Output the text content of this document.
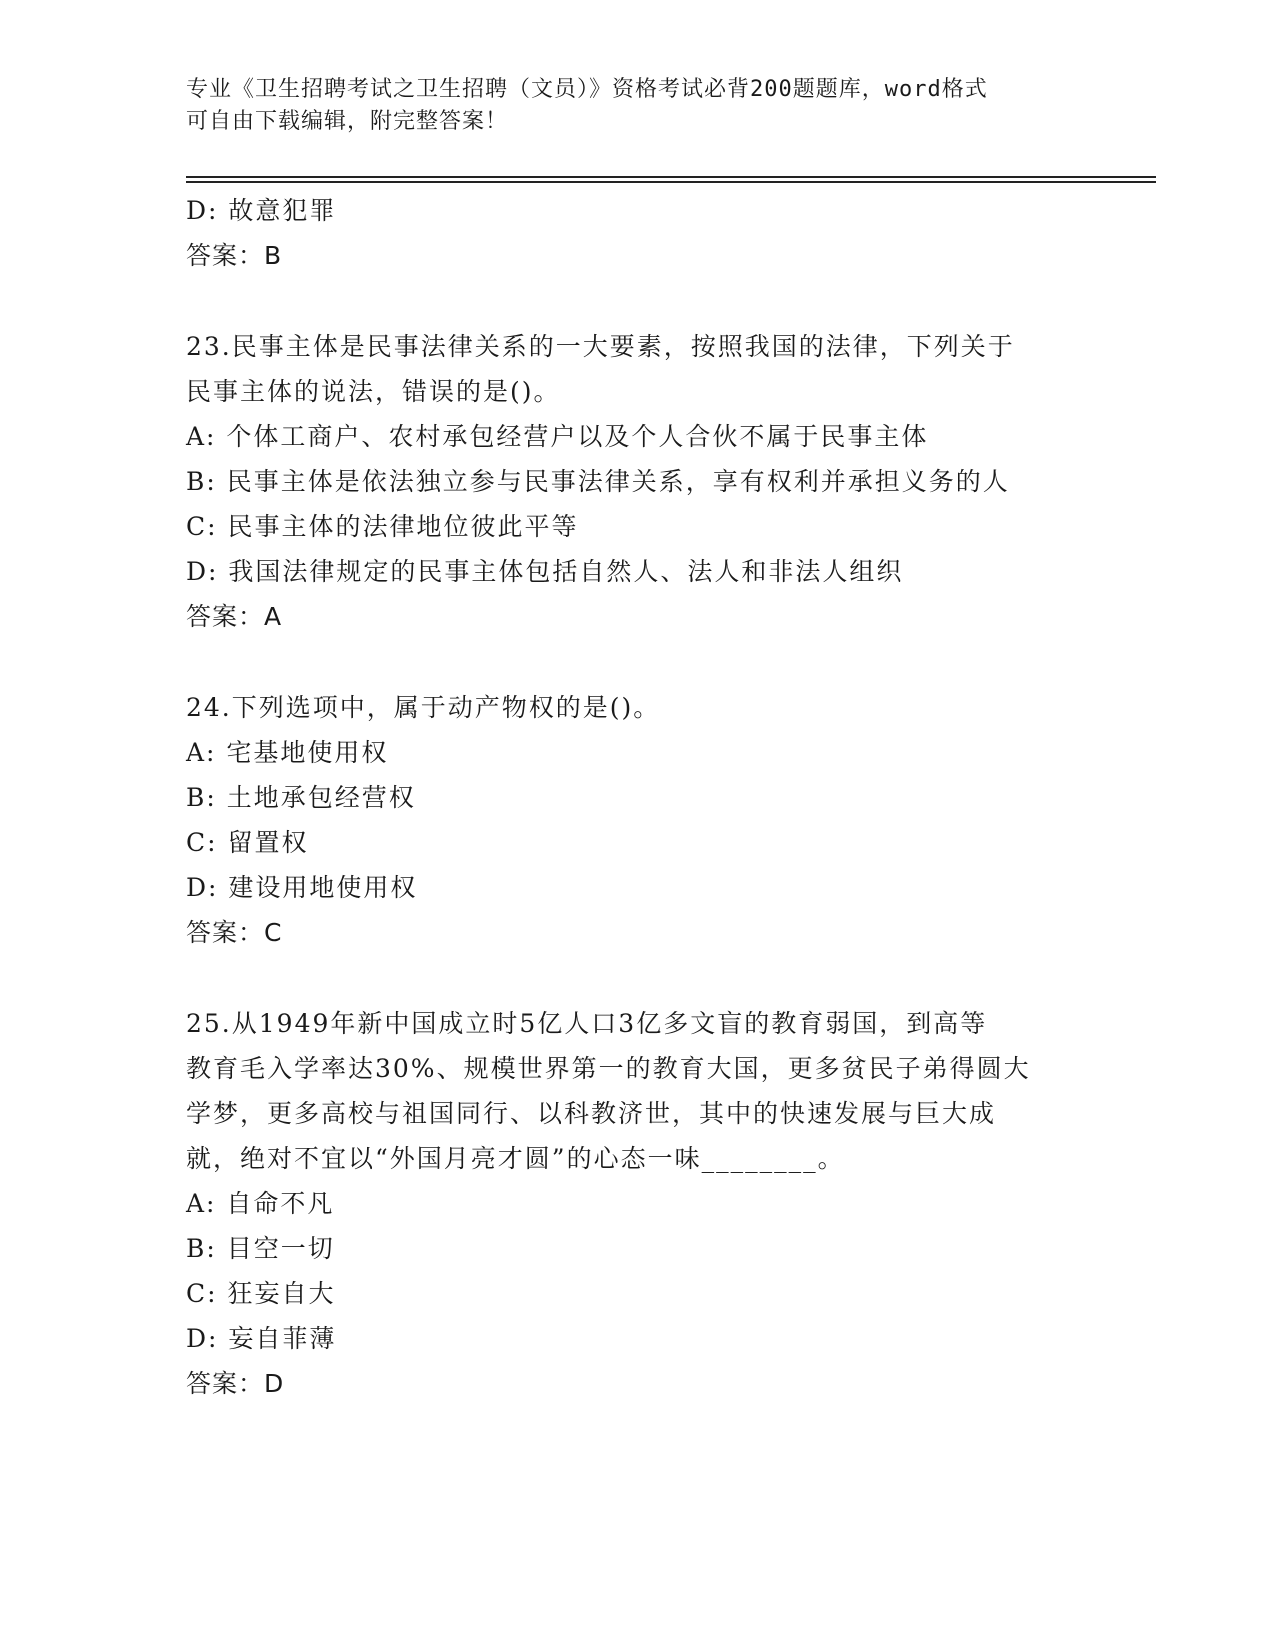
专业《卫生招聘考试之卫生招聘（文员）》资格考试必背200题题库，word格式
可自由下载编辑，附完整答案！
D: 故意犯罪
答案：B
23.民事主体是民事法律关系的一大要素，按照我国的法律，下列关于
民事主体的说法，错误的是()。
A: 个体工商户、农村承包经营户以及个人合伙不属于民事主体
B: 民事主体是依法独立参与民事法律关系，享有权利并承担义务的人
C: 民事主体的法律地位彼此平等
D: 我国法律规定的民事主体包括自然人、法人和非法人组织
答案：A
24.下列选项中，属于动产物权的是()。
A: 宅基地使用权
B: 土地承包经营权
C: 留置权
D: 建设用地使用权
答案：C
25.从1949年新中国成立时5亿人口3亿多文盲的教育弱国，到高等
教育毛入学率达30%、规模世界第一的教育大国，更多贫民子弟得圆大
学梦，更多高校与祖国同行、以科教济世，其中的快速发展与巨大成
就，绝对不宜以“外国月亮才圆”的心态一味________。
A: 自命不凡
B: 目空一切
C: 狂妄自大
D: 妄自菲薄
答案：D
